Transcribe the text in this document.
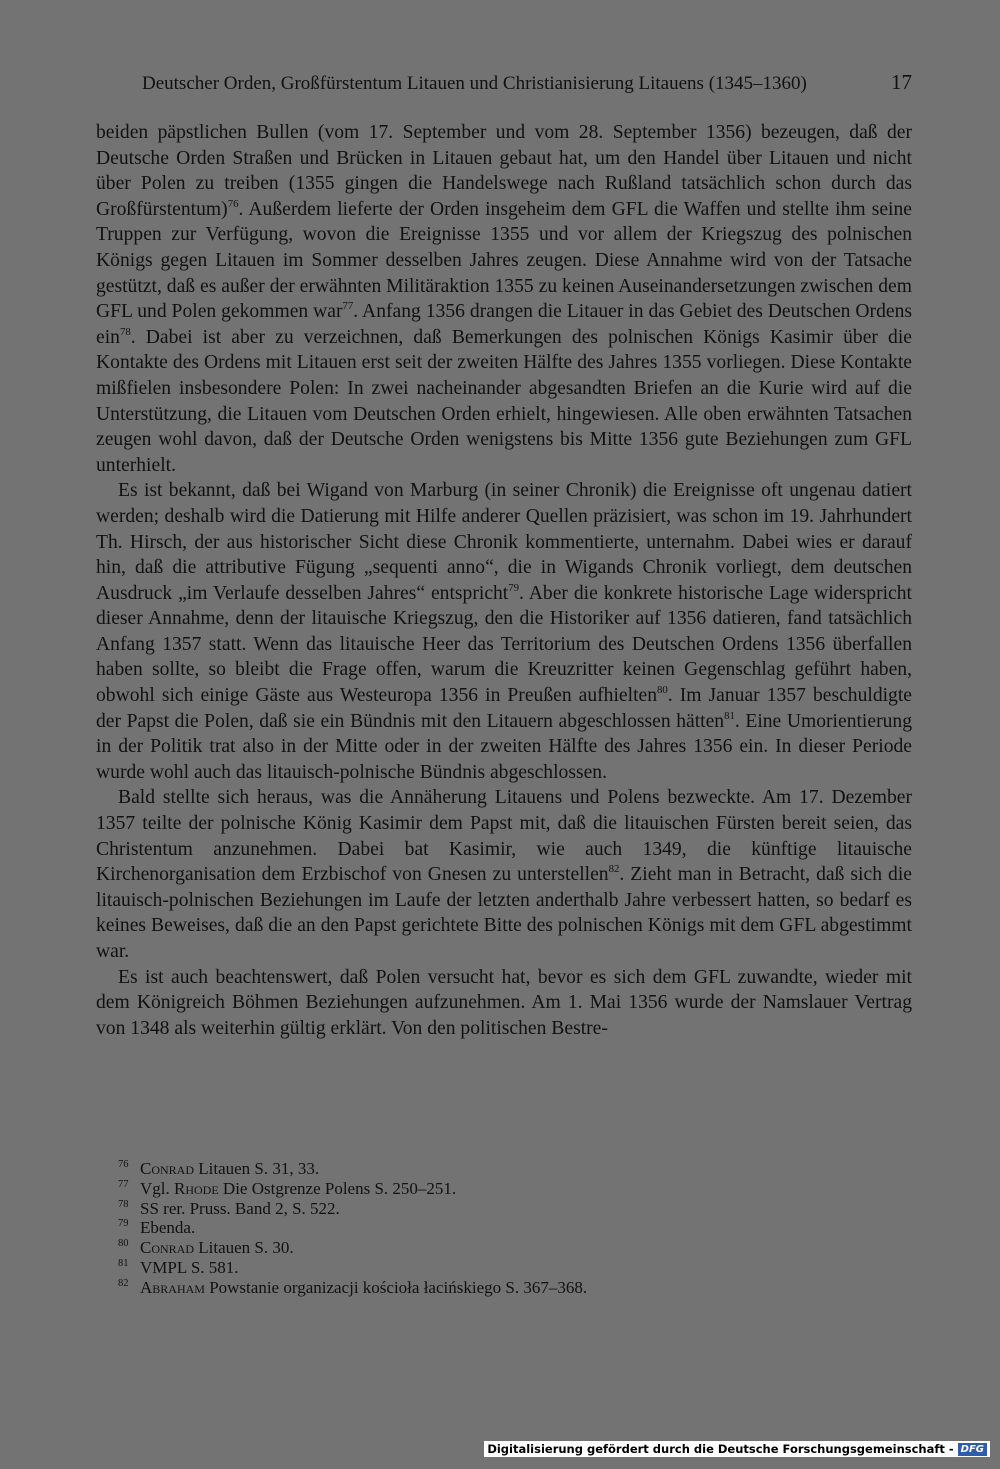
Deutscher Orden, Großfürstentum Litauen und Christianisierung Litauens (1345–1360)	17

beiden päpstlichen Bullen (vom 17. September und vom 28. September 1356) bezeugen, daß der Deutsche Orden Straßen und Brücken in Litauen gebaut hat, um den Handel über Litauen und nicht über Polen zu treiben (1355 gingen die Handelswege nach Rußland tatsächlich schon durch das Großfürstentum)$^{76}$. Außerdem lieferte der Orden insgeheim dem GFL die Waffen und stellte ihm seine Truppen zur Verfügung, wovon die Ereignisse 1355 und vor allem der Kriegszug des polnischen Königs gegen Litauen im Sommer desselben Jahres zeugen. Diese Annahme wird von der Tatsache gestützt, daß es außer der erwähnten Militäraktion 1355 zu keinen Auseinandersetzungen zwischen dem GFL und Polen gekommen war$^{77}$. Anfang 1356 drangen die Litauer in das Gebiet des Deutschen Ordens ein$^{78}$. Dabei ist aber zu verzeichnen, daß Bemerkungen des polnischen Königs Kasimir über die Kontakte des Ordens mit Litauen erst seit der zweiten Hälfte des Jahres 1355 vorliegen. Diese Kontakte mißfielen insbesondere Polen: In zwei nacheinander abgesandten Briefen an die Kurie wird auf die Unterstützung, die Litauen vom Deutschen Orden erhielt, hingewiesen. Alle oben erwähnten Tatsachen zeugen wohl davon, daß der Deutsche Orden wenigstens bis Mitte 1356 gute Beziehungen zum GFL unterhielt.

Es ist bekannt, daß bei Wigand von Marburg (in seiner Chronik) die Ereignisse oft ungenau datiert werden; deshalb wird die Datierung mit Hilfe anderer Quellen präzisiert, was schon im 19. Jahrhundert Th. Hirsch, der aus historischer Sicht diese Chronik kommentierte, unternahm. Dabei wies er darauf hin, daß die attributive Fügung „sequenti anno“, die in Wigands Chronik vorliegt, dem deutschen Ausdruck „im Verlaufe desselben Jahres“ entspricht$^{79}$. Aber die konkrete historische Lage widerspricht dieser Annahme, denn der litauische Kriegszug, den die Historiker auf 1356 datieren, fand tatsächlich Anfang 1357 statt. Wenn das litauische Heer das Territorium des Deutschen Ordens 1356 überfallen haben sollte, so bleibt die Frage offen, warum die Kreuzritter keinen Gegenschlag geführt haben, obwohl sich einige Gäste aus Westeuropa 1356 in Preußen aufhielten$^{80}$. Im Januar 1357 beschuldigte der Papst die Polen, daß sie ein Bündnis mit den Litauern abgeschlossen hätten$^{81}$. Eine Umorientierung in der Politik trat also in der Mitte oder in der zweiten Hälfte des Jahres 1356 ein. In dieser Periode wurde wohl auch das litauisch-polnische Bündnis abgeschlossen.

Bald stellte sich heraus, was die Annäherung Litauens und Polens bezweckte. Am 17. Dezember 1357 teilte der polnische König Kasimir dem Papst mit, daß die litauischen Fürsten bereit seien, das Christentum anzunehmen. Dabei bat Kasimir, wie auch 1349, die künftige litauische Kirchenorganisation dem Erzbischof von Gnesen zu unterstellen$^{82}$. Zieht man in Betracht, daß sich die litauisch-polnischen Beziehungen im Laufe der letzten anderthalb Jahre verbessert hatten, so bedarf es keines Beweises, daß die an den Papst gerichtete Bitte des polnischen Königs mit dem GFL abgestimmt war.

Es ist auch beachtenswert, daß Polen versucht hat, bevor es sich dem GFL zuwandte, wieder mit dem Königreich Böhmen Beziehungen aufzunehmen. Am 1. Mai 1356 wurde der Namslauer Vertrag von 1348 als weiterhin gültig erklärt. Von den politischen Bestre-

76 Conrad Litauen S. 31, 33.
77 Vgl. Rhode Die Ostgrenze Polens S. 250–251.
78 SS rer. Pruss. Band 2, S. 522.
79 Ebenda.
80 Conrad Litauen S. 30.
81 VMPL S. 581.
82 Abraham Powstanie organizacji kościoła łacińskiego S. 367–368.
Digitalisierung gefördert durch die Deutsche Forschungsgemeinschaft - DFG
